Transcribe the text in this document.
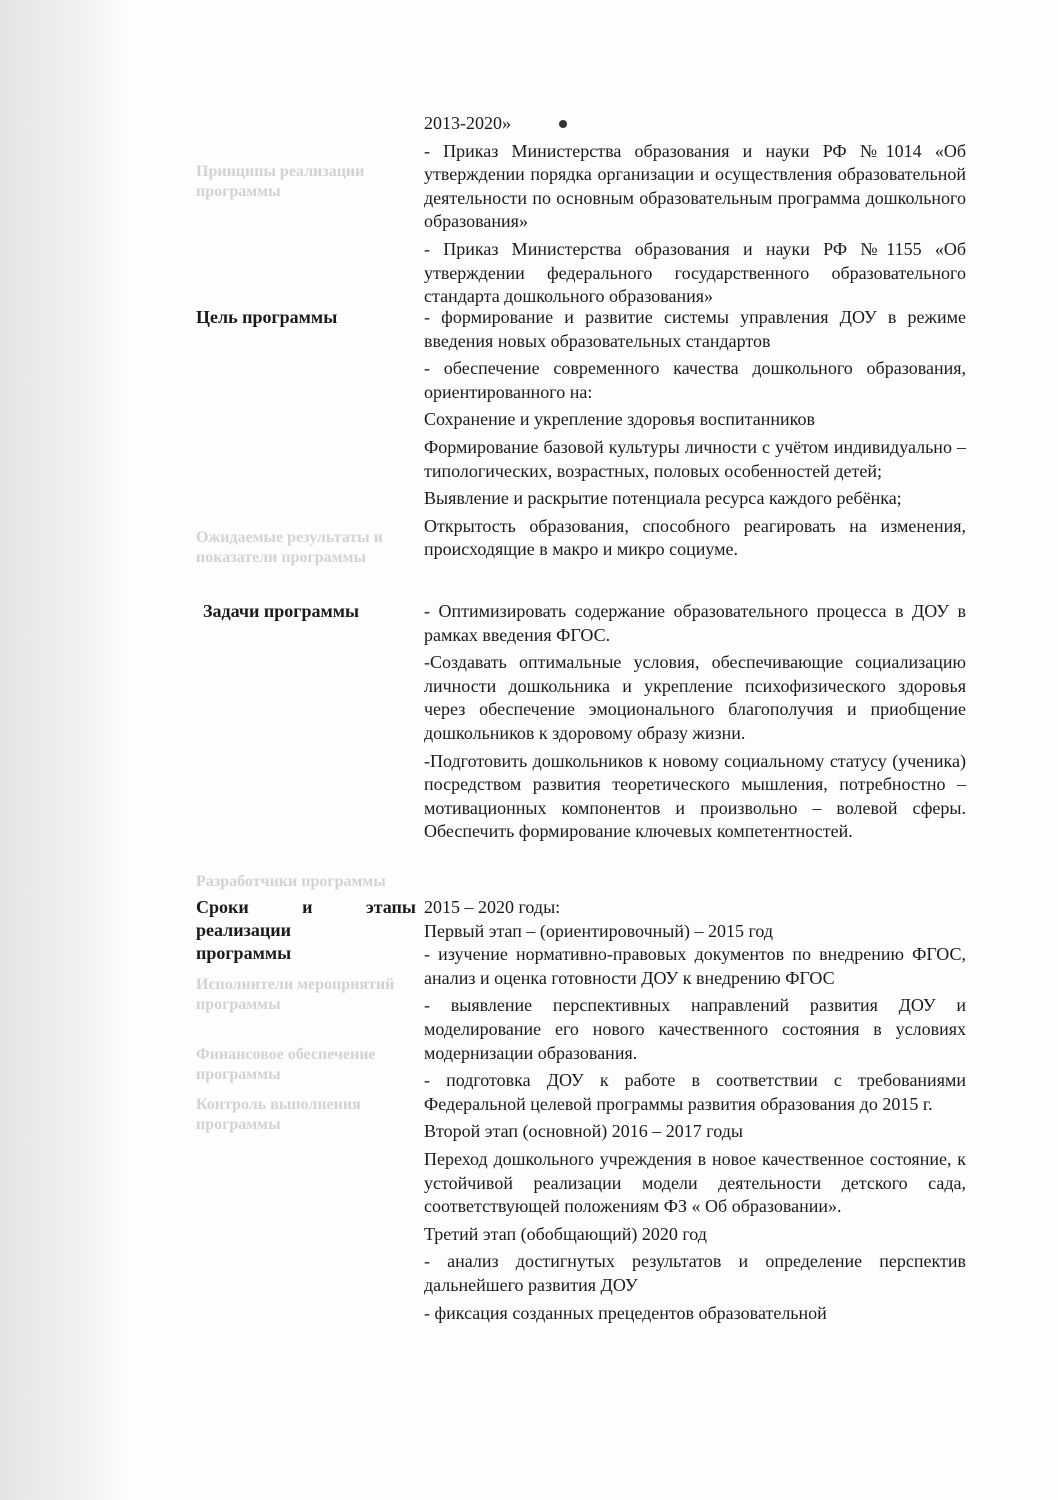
Принципы реализации программы
Ожидаемые результаты и показатели программы
Разработчики программы
Исполнители мероприятий программы
Финансовое обеспечение программы
Контроль выполнения программы
Цель программы
Задачи программы
Сроки	и	этапы
реализации
программы

2013-2020»

- Приказ Министерства образования и науки РФ №1014 «Об утверждении порядка организации и осуществления образовательной деятельности по основным образовательным программа дошкольного образования»

- Приказ Министерства образования и науки РФ №1155 «Об утверждении федерального государственного образовательного стандарта дошкольного образования»

- формирование и развитие системы управления ДОУ в режиме введения новых образовательных стандартов

- обеспечение современного качества дошкольного образования, ориентированного на:

Сохранение и укрепление здоровья воспитанников

Формирование базовой культуры личности с учётом индивидуально – типологических, возрастных, половых особенностей детей;

Выявление и раскрытие потенциала ресурса каждого ребёнка;

Открытость образования, способного реагировать на изменения, происходящие в макро и микро социуме.

- Оптимизировать содержание образовательного процесса в ДОУ в рамках введения ФГОС.

-Создавать оптимальные условия, обеспечивающие социализацию личности дошкольника и укрепление психофизического здоровья через обеспечение эмоционального благополучия и приобщение дошкольников к здоровому образу жизни.

-Подготовить дошкольников к новому социальному статусу (ученика) посредством развития теоретического мышления, потребностно – мотивационных компонентов и произвольно – волевой сферы. Обеспечить формирование ключевых компетентностей.

2015 – 2020 годы:

Первый этап – (ориентировочный) – 2015 год

- изучение нормативно-правовых документов по внедрению ФГОС, анализ и оценка готовности ДОУ к внедрению ФГОС

- выявление перспективных направлений развития ДОУ и моделирование его нового качественного состояния в условиях модернизации образования.

- подготовка ДОУ к работе в соответствии с требованиями Федеральной целевой программы развития образования до 2015 г.

Второй этап (основной) 2016 – 2017 годы

Переход дошкольного учреждения в новое качественное состояние, к устойчивой реализации модели деятельности детского сада, соответствующей положениям ФЗ « Об образовании».

Третий этап (обобщающий) 2020 год

- анализ достигнутых результатов и определение перспектив дальнейшего развития ДОУ

- фиксация созданных прецедентов образовательной
